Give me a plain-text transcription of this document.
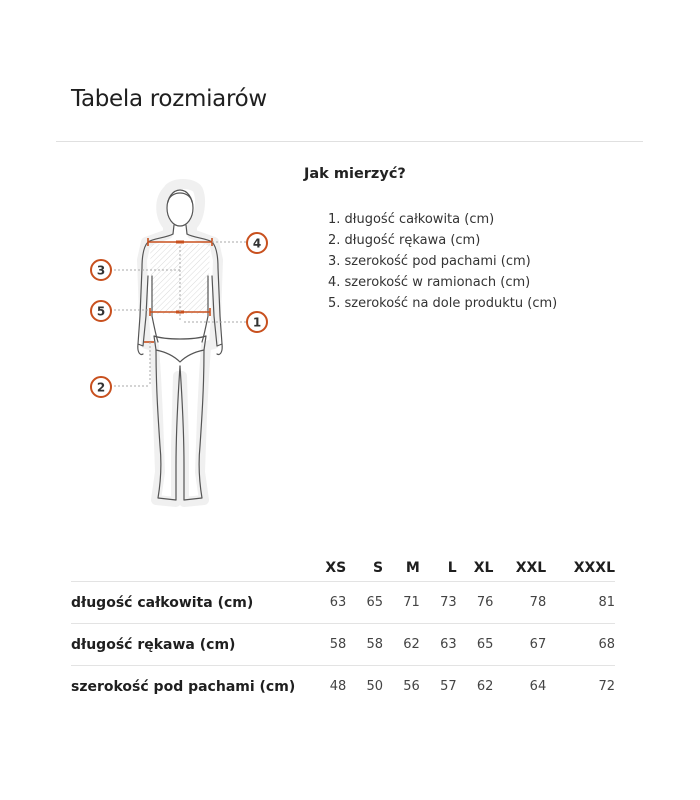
Tabela rozmiarów
4
3
5
1
2
Jak mierzyć?
1. długość całkowita (cm)
2. długość rękawa (cm)
3. szerokość pod pachami (cm)
4. szerokość w ramionach (cm)
5. szerokość na dole produktu (cm)
	XS	S	M	L	XL	XXL	XXXL
długość całkowita (cm)	63	65	71	73	76	78	81
długość rękawa (cm)	58	58	62	63	65	67	68
szerokość pod pachami (cm)	48	50	56	57	62	64	72
